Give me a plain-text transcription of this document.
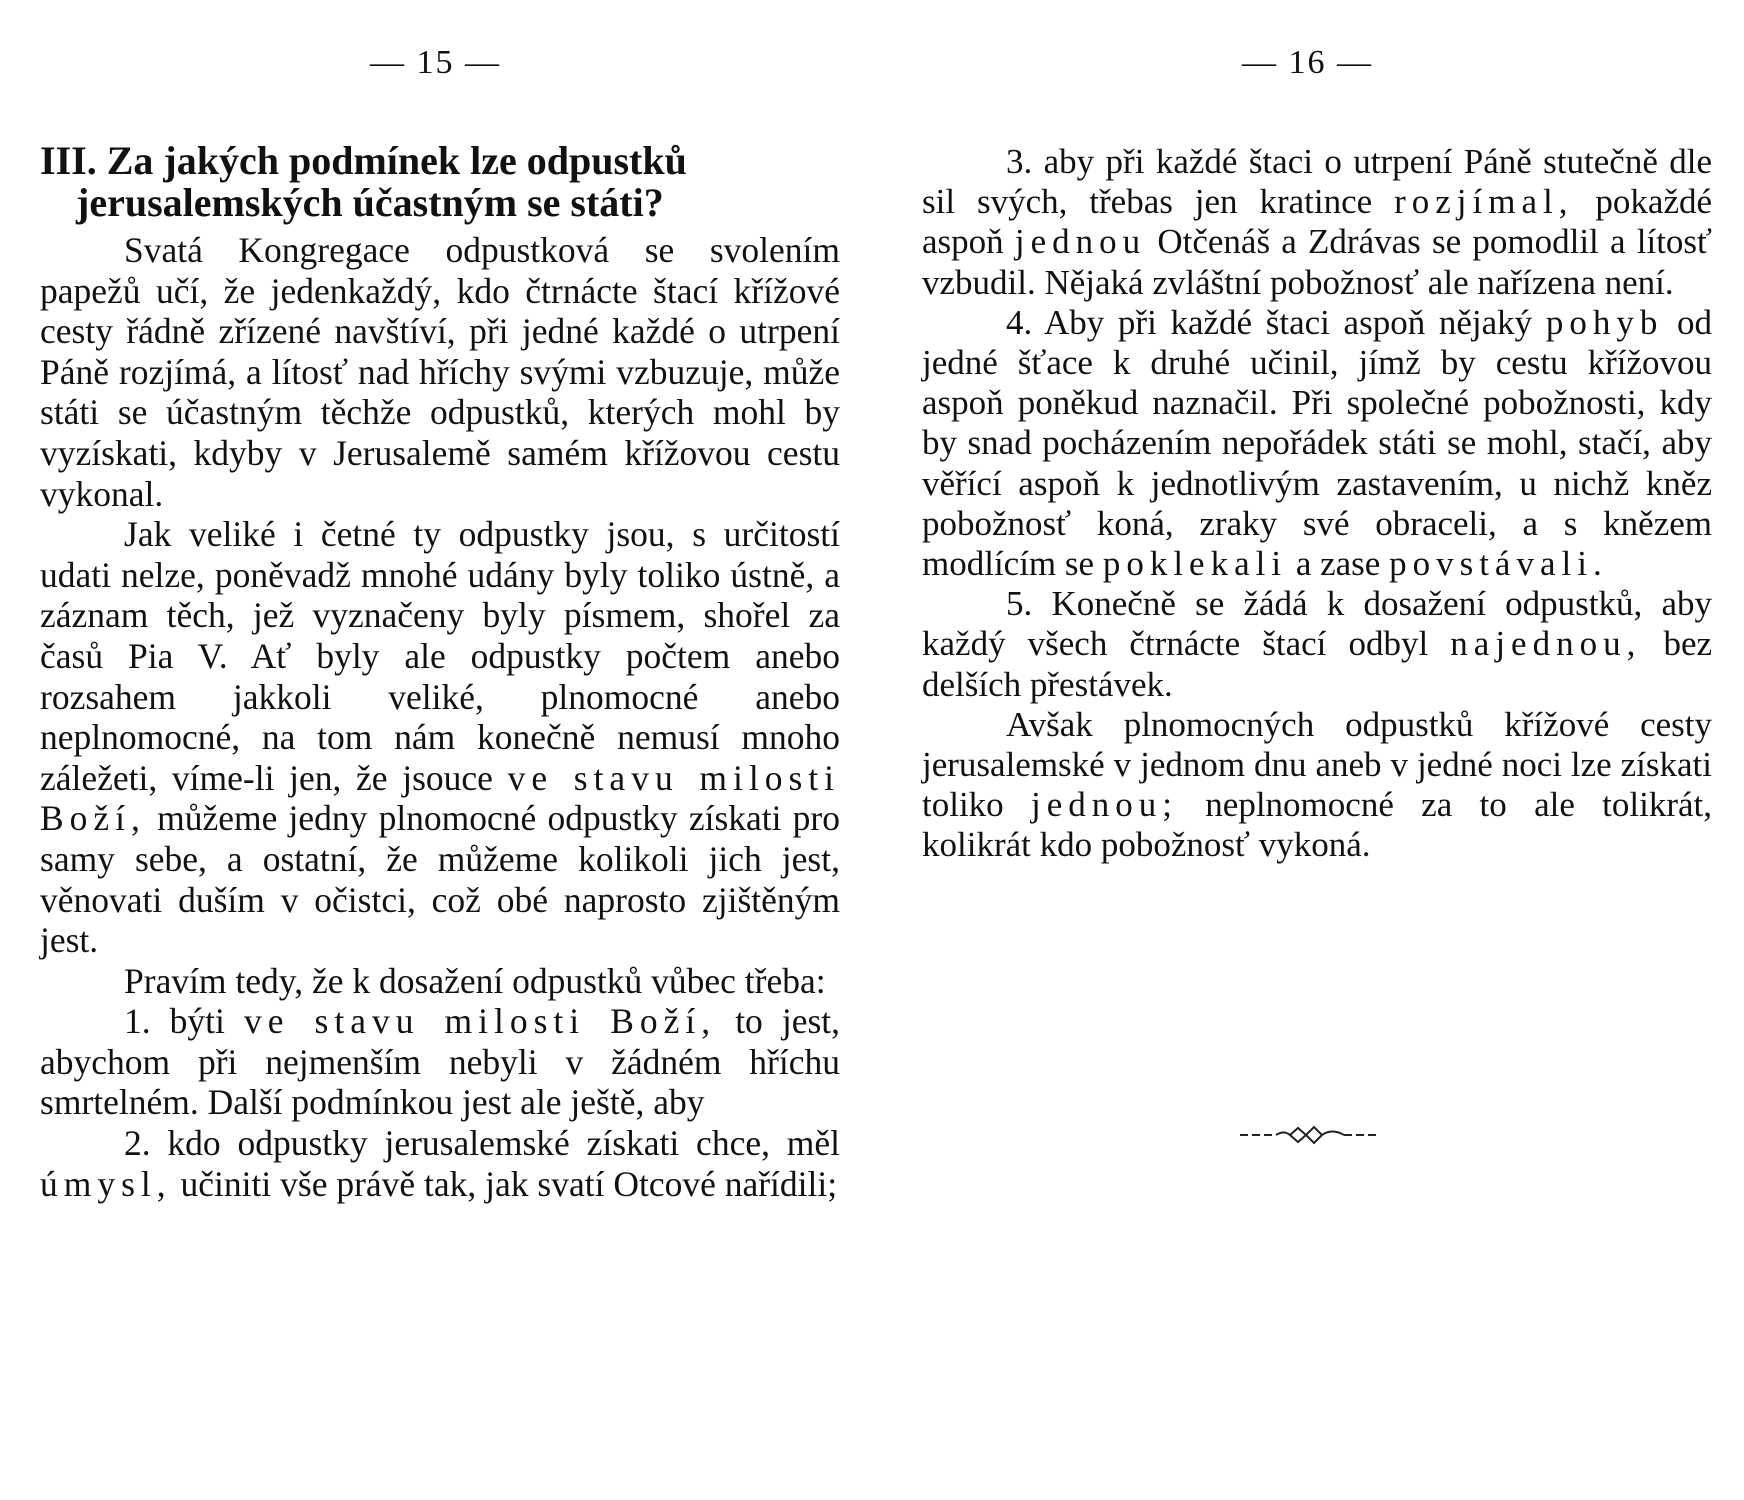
— 15 —
III. Za jakých podmínek lze odpustků
jerusalemských účastným se státi?

Svatá Kongregace odpustková se svolením papežů učí, že jedenkaždý, kdo čtrnácte štací křížové cesty řádně zřízené navštíví, při jedné každé o utrpení Páně rozjímá, a lítosť nad hříchy svými vzbuzuje, může státi se účastným těchže odpustků, kterých mohl by vyzískati, kdyby v Jerusalemě samém křížovou cestu vykonal.

Jak veliké i četné ty odpustky jsou, s určitostí udati nelze, poněvadž mnohé udány byly toliko ústně, a záznam těch, jež vyznačeny byly písmem, shořel za časů Pia V. Ať byly ale odpustky počtem anebo rozsahem jakkoli veliké, plnomocné anebo neplnomocné, na tom nám konečně nemusí mnoho záležeti, víme-li jen, že jsouce ve stavu milosti Boží, můžeme jedny plnomocné odpustky získati pro samy sebe, a ostatní, že můžeme kolikoli jich jest, věnovati duším v očistci, což obé naprosto zjištěným jest.

Pravím tedy, že k dosažení odpustků vůbec třeba:

1. býti ve stavu milosti Boží, to jest, abychom při nejmenším nebyli v žádném hříchu smrtelném. Další podmínkou jest ale ještě, aby

2. kdo odpustky jerusalemské získati chce, měl úmysl, učiniti vše právě tak, jak svatí Otcové nařídili;

— 16 —

3. aby při každé štaci o utrpení Páně stutečně dle sil svých, třebas jen kratince rozjímal, pokaždé aspoň jednou Otčenáš a Zdrávas se pomodlil a lítosť vzbudil. Nějaká zvláštní pobožnosť ale nařízena není.

4. Aby při každé štaci aspoň nějaký pohyb od jedné šťace k druhé učinil, jímž by cestu křížovou aspoň poněkud naznačil. Při společné pobožnosti, kdy by snad pocházením nepořádek státi se mohl, stačí, aby věřící aspoň k jednotlivým zastavením, u nichž kněz pobožnosť koná, zraky své obraceli, a s knězem modlícím se poklekali a zase povstávali.

5. Konečně se žádá k dosažení odpustků, aby každý všech čtrnácte štací odbyl najednou, bez delších přestávek.

Avšak plnomocných odpustků křížové cesty jerusalemské v jednom dnu aneb v jedné noci lze získati toliko jednou; neplnomocné za to ale tolikrát, kolikrát kdo pobožnosť vykoná.
